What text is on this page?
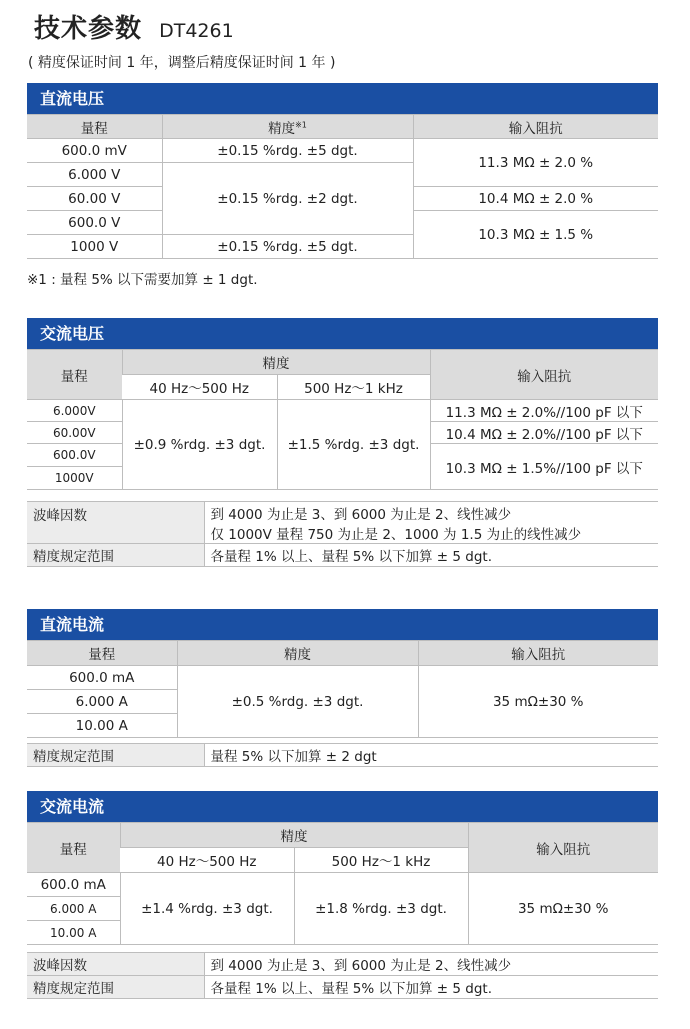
技术参数 DT4261
( 精度保证时间 1 年，调整后精度保证时间 1 年 )
直流电压
量程	精度$^{※1}$	输入阻抗
600.0 mV	±0.15 %rdg. ±5 dgt.	11.3 MΩ ± 2.0 %
6.000 V	±0.15 %rdg. ±2 dgt.	
60.00 V		10.4 MΩ ± 2.0 %
600.0 V		10.3 MΩ ± 1.5 %
1000 V	±0.15 %rdg. ±5 dgt.	
※1 : 量程 5% 以下需要加算 ± 1 dgt.
交流电压
量程	精度		输入阻抗
	40 Hz～500 Hz	500 Hz～1 kHz	
6.000V	±0.9 %rdg. ±3 dgt.	±1.5 %rdg. ±3 dgt.	11.3 MΩ ± 2.0%//100 pF 以下
60.00V			10.4 MΩ ± 2.0%//100 pF 以下
600.0V			10.3 MΩ ± 1.5%//100 pF 以下
1000V			
波峰因数	到 4000 为止是 3、到 6000 为止是 2、线性减少
仅 1000V 量程 750 为止是 2、1000 为 1.5 为止的线性减少

精度规定范围	各量程 1% 以上、量程 5% 以下加算 ± 5 dgt.
直流电流
量程	精度	输入阻抗
600.0 mA	±0.5 %rdg. ±3 dgt.	35 mΩ±30 %
6.000 A		
10.00 A		
精度规定范围	量程 5% 以下加算 ± 2 dgt
交流电流
量程	精度		输入阻抗
	40 Hz～500 Hz	500 Hz～1 kHz	
600.0 mA	±1.4 %rdg. ±3 dgt.	±1.8 %rdg. ±3 dgt.	35 mΩ±30 %
6.000 A			
10.00 A			
波峰因数	到 4000 为止是 3、到 6000 为止是 2、线性减少
精度规定范围	各量程 1% 以上、量程 5% 以下加算 ± 5 dgt.
